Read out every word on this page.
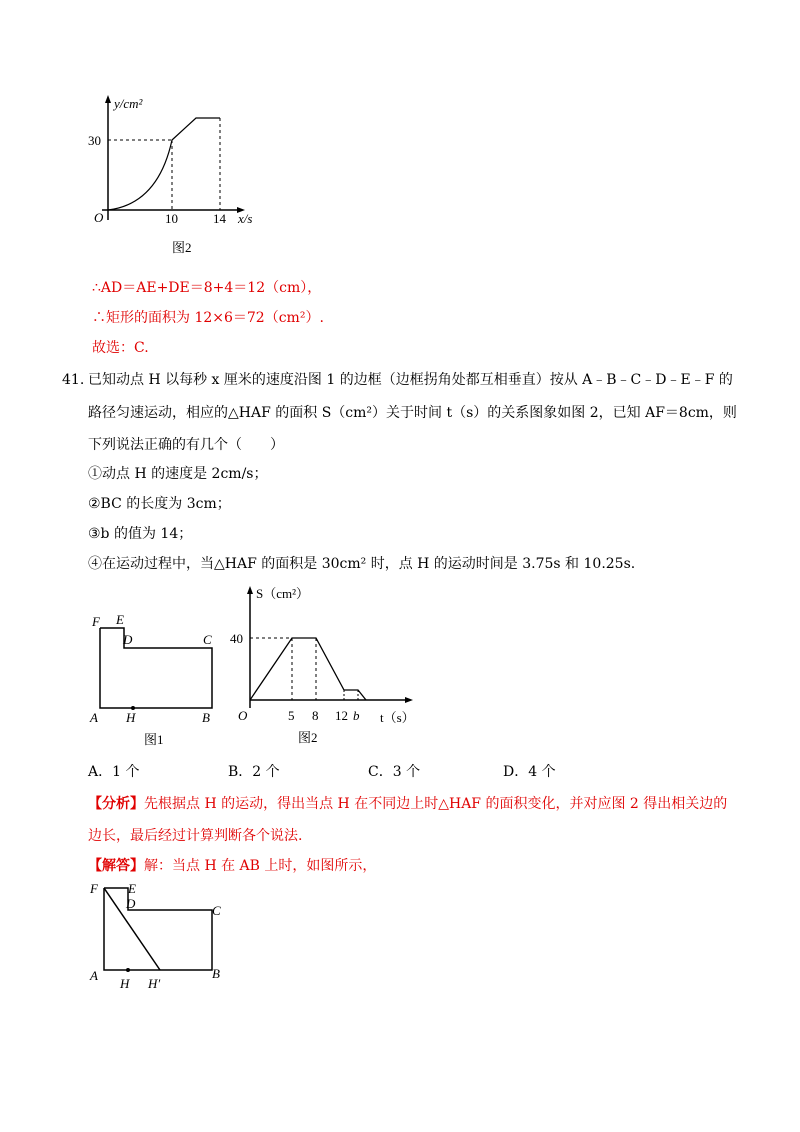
y/cm²
30
O	10	14 x/s
图2
∴AD＝AE+DE＝8+4＝12（cm），
∴矩形的面积为 12×6＝72（cm²）.
故选：C.
41. 已知动点 H 以每秒 x 厘米的速度沿图 1 的边框（边框拐角处都互相垂直）按从 A﹣B﹣C﹣D﹣E﹣F 的
路径匀速运动，相应的△HAF 的面积 S（cm²）关于时间 t（s）的关系图象如图 2，已知 AF＝8cm，则
下列说法正确的有几个（　　）
①动点 H 的速度是 2cm/s；
②BC 的长度为 3cm；
③b 的值为 14；
④在运动过程中，当△HAF 的面积是 30cm² 时，点 H 的运动时间是 3.75s 和 10.25s.
F E
D	C
A H	B
图1
S（cm²）
40
O	5 8 12 b t（s）
图2
A．1 个	B．2 个	C．3 个	D．4 个
【分析】先根据点 H 的运动，得出当点 H 在不同边上时△HAF 的面积变化，并对应图 2 得出相关边的
边长，最后经过计算判断各个说法.
【解答】解：当点 H 在 AB 上时，如图所示，
F E
D	C
A
H H′
B
